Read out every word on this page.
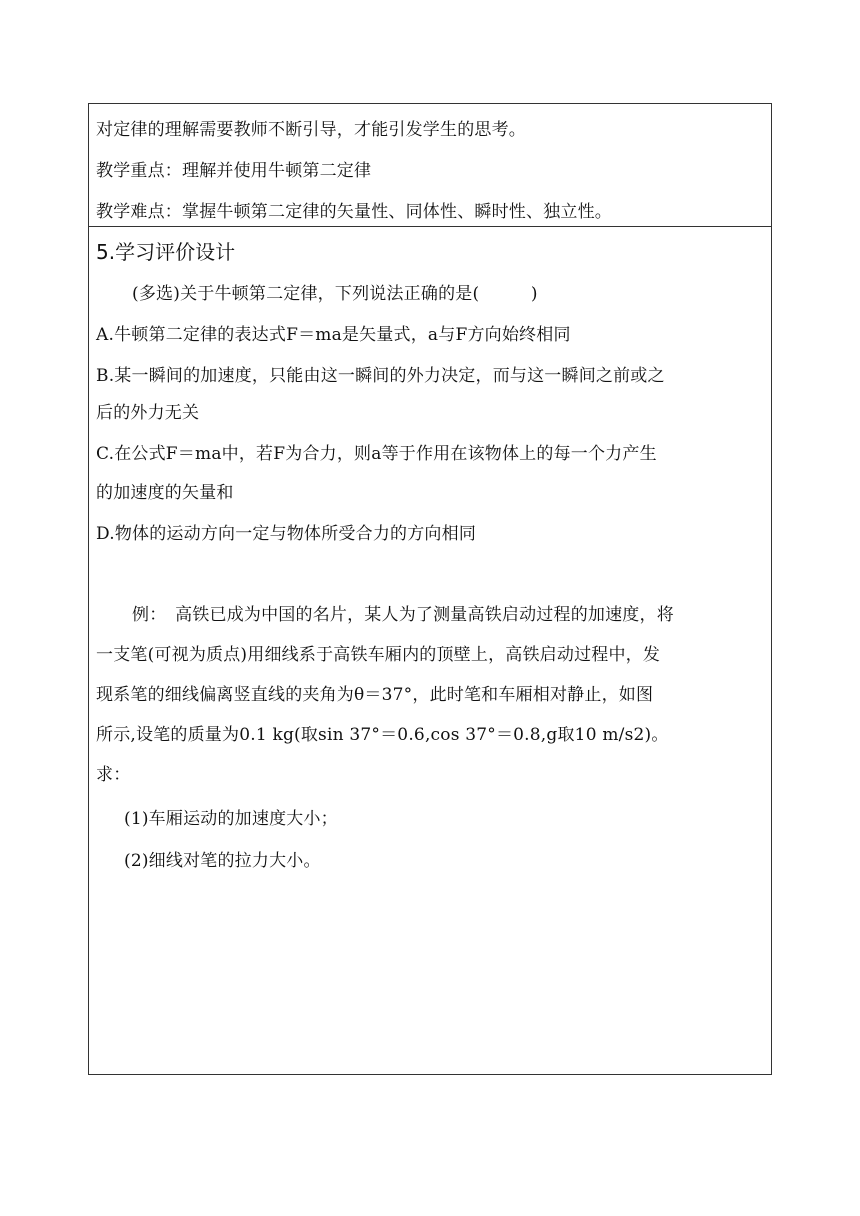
对定律的理解需要教师不断引导，才能引发学生的思考。
教学重点：理解并使用牛顿第二定律
教学难点：掌握牛顿第二定律的矢量性、同体性、瞬时性、独立性。
5.学习评价设计
(多选)关于牛顿第二定律，下列说法正确的是(　　　)
A.牛顿第二定律的表达式F＝ma是矢量式，a与F方向始终相同
B.某一瞬间的加速度，只能由这一瞬间的外力决定，而与这一瞬间之前或之
后的外力无关
C.在公式F＝ma中，若F为合力，则a等于作用在该物体上的每一个力产生
的加速度的矢量和
D.物体的运动方向一定与物体所受合力的方向相同
例：　高铁已成为中国的名片，某人为了测量高铁启动过程的加速度，将
一支笔(可视为质点)用细线系于高铁车厢内的顶壁上，高铁启动过程中，发
现系笔的细线偏离竖直线的夹角为θ＝37°，此时笔和车厢相对静止，如图
所示,设笔的质量为0.1 kg(取sin 37°＝0.6,cos 37°＝0.8,g取10 m/s2)。
求：
(1)车厢运动的加速度大小；
(2)细线对笔的拉力大小。
